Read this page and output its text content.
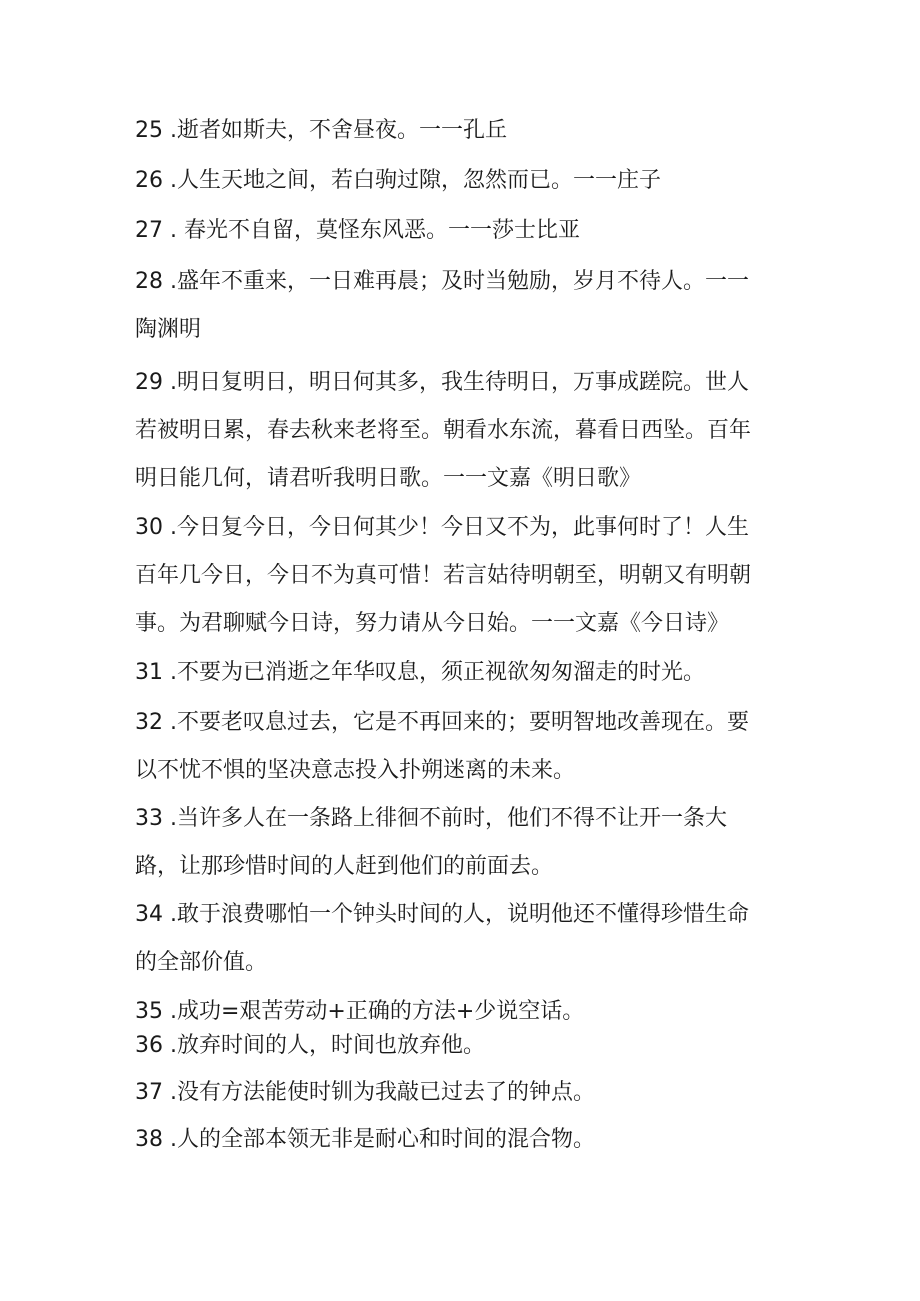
25 .逝者如斯夫，不舍昼夜。一一孔丘
26 .人生天地之间，若白驹过隙，忽然而已。一一庄子
27 . 春光不自留，莫怪东风恶。一一莎士比亚
28 .盛年不重来，一日难再晨；及时当勉励，岁月不待人。一一
陶渊明
29 .明日复明日，明日何其多，我生待明日，万事成蹉院。世人
若被明日累，春去秋来老将至。朝看水东流，暮看日西坠。百年
明日能几何，请君听我明日歌。一一文嘉《明日歌》
30 .今日复今日，今日何其少！今日又不为，此事何时了！人生
百年几今日，今日不为真可惜！若言姑待明朝至，明朝又有明朝
事。为君聊赋今日诗，努力请从今日始。一一文嘉《今日诗》
31 .不要为已消逝之年华叹息，须正视欲匆匆溜走的时光。
32 .不要老叹息过去，它是不再回来的；要明智地改善现在。要
以不忧不惧的坚决意志投入扑朔迷离的未来。
33 .当许多人在一条路上徘徊不前时，他们不得不让开一条大
路，让那珍惜时间的人赶到他们的前面去。
34 .敢于浪费哪怕一个钟头时间的人，说明他还不懂得珍惜生命
的全部价值。
35 .成功=艰苦劳动+正确的方法+少说空话。
36 .放弃时间的人，时间也放弃他。
37 .没有方法能使时钏为我敲已过去了的钟点。
38 .人的全部本领无非是耐心和时间的混合物。
